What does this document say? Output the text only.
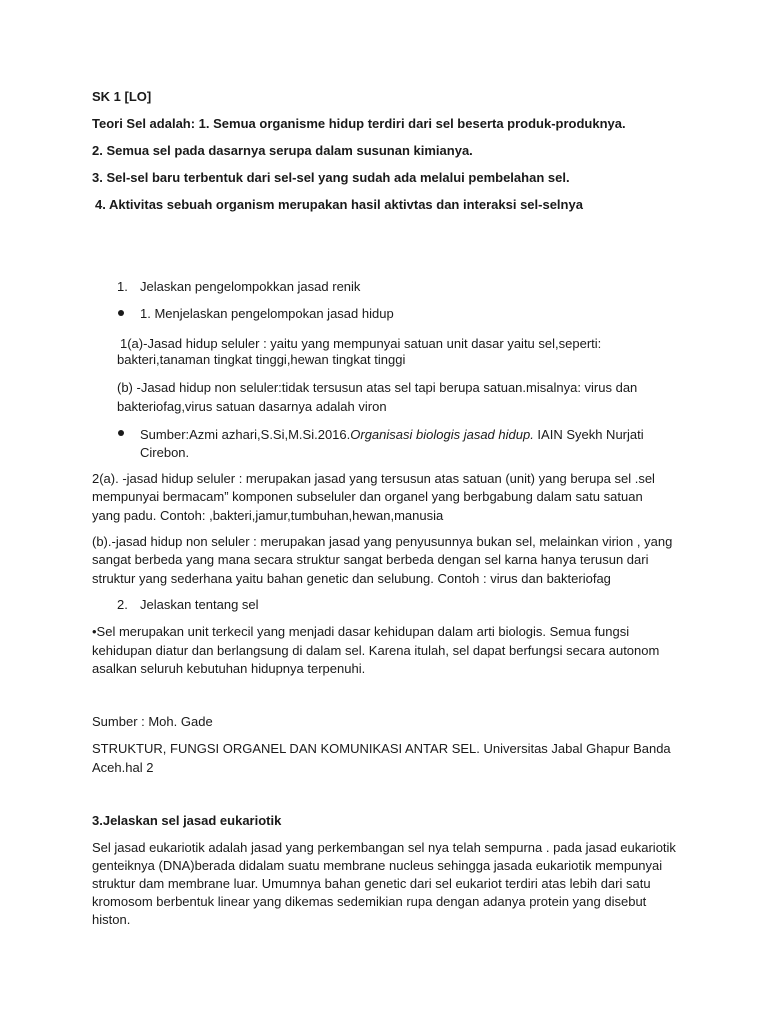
SK 1 [LO]
Teori Sel adalah: 1. Semua organisme hidup terdiri dari sel beserta produk-produknya.
2. Semua sel pada dasarnya serupa dalam susunan kimianya.
3. Sel-sel baru terbentuk dari sel-sel yang sudah ada melalui pembelahan sel.
4. Aktivitas sebuah organism merupakan hasil aktivtas dan interaksi sel-selnya
1. Jelaskan pengelompokkan jasad renik
1. Menjelaskan pengelompokan jasad hidup
1(a)-Jasad hidup seluler : yaitu yang mempunyai satuan unit dasar yaitu sel,seperti:
bakteri,tanaman tingkat tinggi,hewan tingkat tinggi
(b) -Jasad hidup non seluler:tidak tersusun atas sel tapi berupa satuan.misalnya: virus dan
bakteriofag,virus satuan dasarnya adalah viron
Sumber:Azmi azhari,S.Si,M.Si.2016.Organisasi biologis jasad hidup. IAIN Syekh Nurjati
Cirebon.
2(a). -jasad hidup seluler : merupakan jasad yang tersusun atas satuan (unit) yang berupa sel .sel
mempunyai bermacam” komponen subseluler dan organel yang berbgabung dalam satu satuan
yang padu. Contoh: ,bakteri,jamur,tumbuhan,hewan,manusia
(b).-jasad hidup non seluler : merupakan jasad yang penyusunnya bukan sel, melainkan virion , yang
sangat berbeda yang mana secara struktur sangat berbeda dengan sel karna hanya terusun dari
struktur yang sederhana yaitu bahan genetic dan selubung. Contoh : virus dan bakteriofag
2. Jelaskan tentang sel
•Sel merupakan unit terkecil yang menjadi dasar kehidupan dalam arti biologis. Semua fungsi
kehidupan diatur dan berlangsung di dalam sel. Karena itulah, sel dapat berfungsi secara autonom
asalkan seluruh kebutuhan hidupnya terpenuhi.
Sumber : Moh. Gade
STRUKTUR, FUNGSI ORGANEL DAN KOMUNIKASI ANTAR SEL. Universitas Jabal Ghapur Banda
Aceh.hal 2
3.Jelaskan sel jasad eukariotik
Sel jasad eukariotik adalah jasad yang perkembangan sel nya telah sempurna . pada jasad eukariotik
genteiknya (DNA)berada didalam suatu membrane nucleus sehingga jasada eukariotik mempunyai
struktur dam membrane luar. Umumnya bahan genetic dari sel eukariot terdiri atas lebih dari satu
kromosom berbentuk linear yang dikemas sedemikian rupa dengan adanya protein yang disebut
histon.
